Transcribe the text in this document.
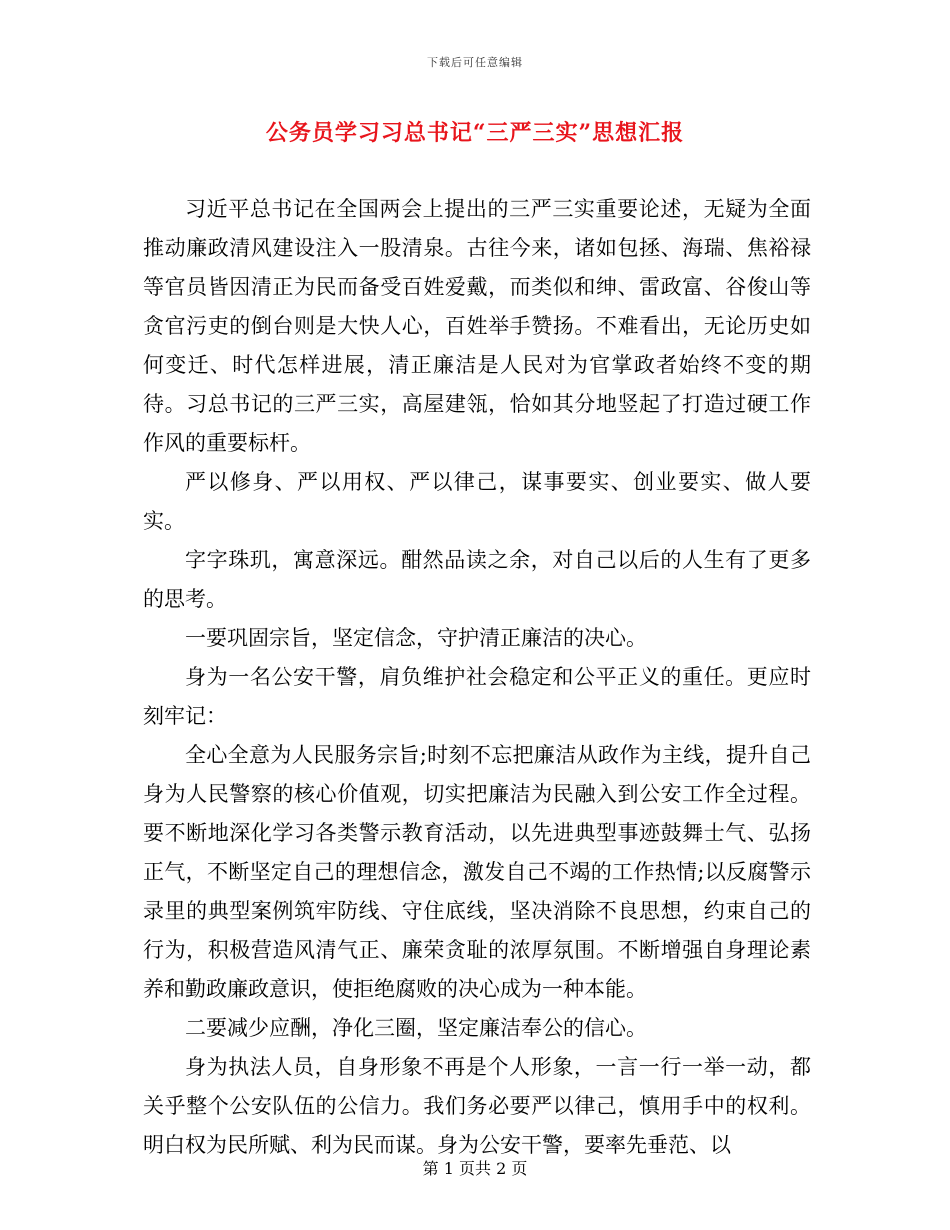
下载后可任意编辑
公务员学习习总书记“三严三实”思想汇报

习近平总书记在全国两会上提出的三严三实重要论述，无疑为全面推动廉政清风建设注入一股清泉。古往今来，诸如包拯、海瑞、焦裕禄等官员皆因清正为民而备受百姓爱戴，而类似和绅、雷政富、谷俊山等贪官污吏的倒台则是大快人心，百姓举手赞扬。不难看出，无论历史如何变迁、时代怎样进展，清正廉洁是人民对为官掌政者始终不变的期待。习总书记的三严三实，高屋建瓴，恰如其分地竖起了打造过硬工作作风的重要标杆。

严以修身、严以用权、严以律己，谋事要实、创业要实、做人要实。

字字珠玑，寓意深远。酣然品读之余，对自己以后的人生有了更多的思考。

一要巩固宗旨，坚定信念，守护清正廉洁的决心。

身为一名公安干警，肩负维护社会稳定和公平正义的重任。更应时刻牢记：

全心全意为人民服务宗旨;时刻不忘把廉洁从政作为主线，提升自己身为人民警察的核心价值观，切实把廉洁为民融入到公安工作全过程。要不断地深化学习各类警示教育活动，以先进典型事迹鼓舞士气、弘扬正气，不断坚定自己的理想信念，激发自己不竭的工作热情;以反腐警示录里的典型案例筑牢防线、守住底线，坚决消除不良思想，约束自己的行为，积极营造风清气正、廉荣贪耻的浓厚氛围。不断增强自身理论素养和勤政廉政意识，使拒绝腐败的决心成为一种本能。

二要减少应酬，净化三圈，坚定廉洁奉公的信心。

身为执法人员，自身形象不再是个人形象，一言一行一举一动，都关乎整个公安队伍的公信力。我们务必要严以律己，慎用手中的权利。明白权为民所赋、利为民而谋。身为公安干警，要率先垂范、以

第 1 页共 2 页
